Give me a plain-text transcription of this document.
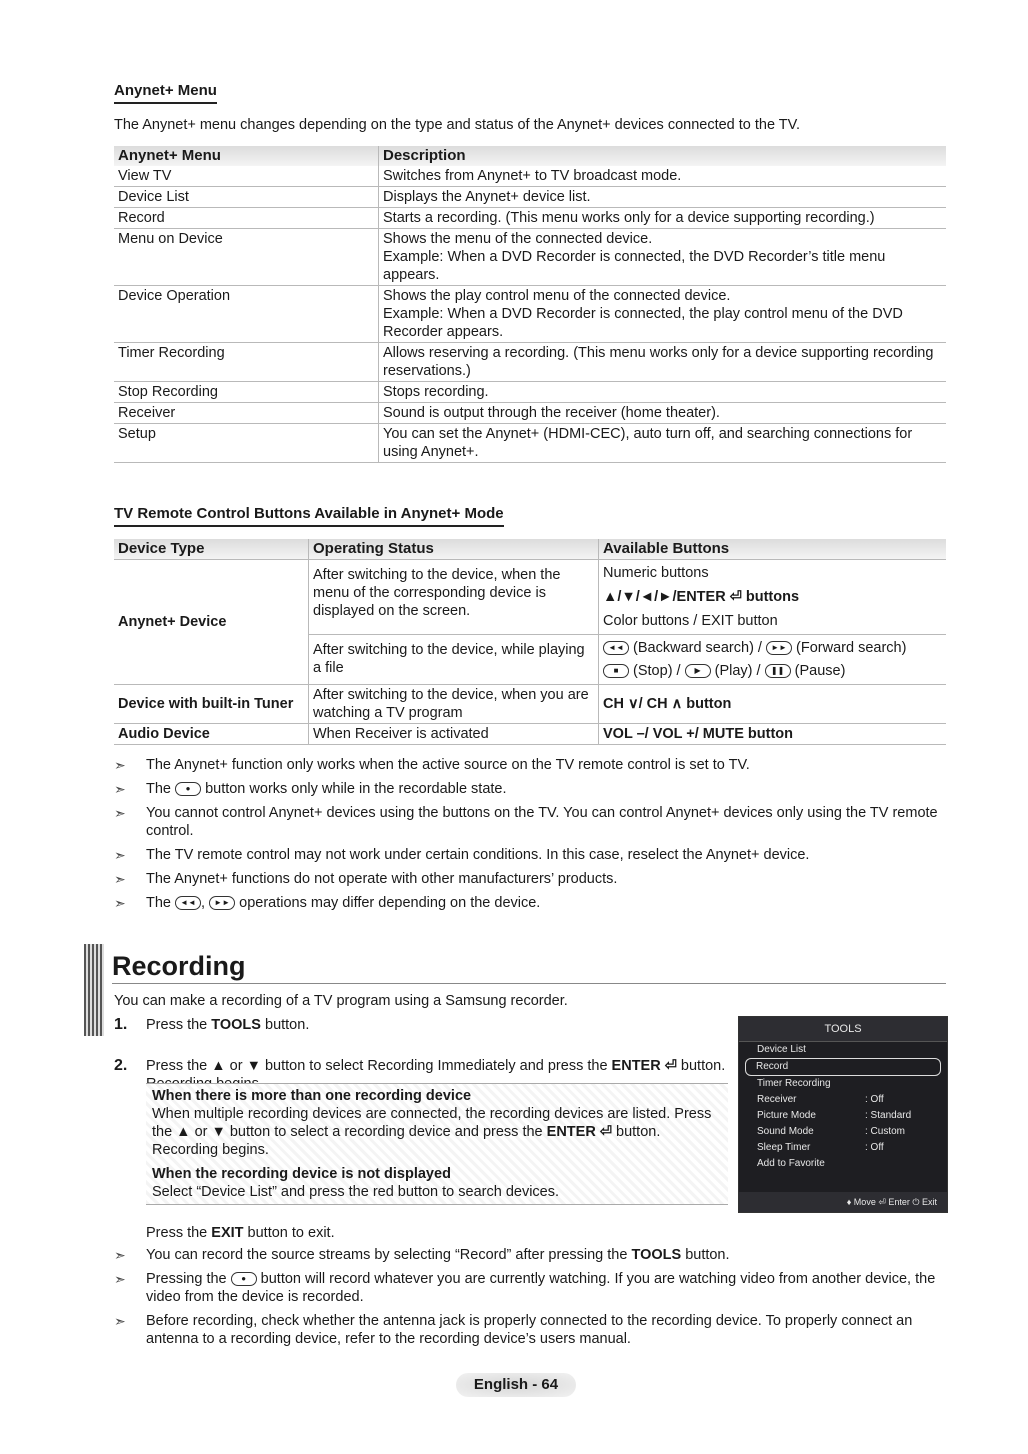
Anynet+ Menu
The Anynet+ menu changes depending on the type and status of the Anynet+ devices connected to the TV.
Anynet+ Menu	Description
View TV	Switches from Anynet+ to TV broadcast mode.
Device List	Displays the Anynet+ device list.
Record	Starts a recording. (This menu works only for a device supporting recording.)
Menu on Device	Shows the menu of the connected device.
Example: When a DVD Recorder is connected, the DVD Recorder’s title menu appears.
Device Operation	Shows the play control menu of the connected device.
Example: When a DVD Recorder is connected, the play control menu of the DVD Recorder appears.
Timer Recording	Allows reserving a recording. (This menu works only for a device supporting recording reservations.)
Stop Recording	Stops recording.
Receiver	Sound is output through the receiver (home theater).
Setup	You can set the Anynet+ (HDMI-CEC), auto turn off, and searching connections for using Anynet+.
TV Remote Control Buttons Available in Anynet+ Mode
Device Type	Operating Status	Available Buttons
Anynet+ Device	After switching to the device, when the menu of the corresponding device is displayed on the screen.	Numeric buttons
▲/▼/◄/►/ENTER ⏎ buttons
Color buttons / EXIT button

	After switching to the device, while playing a file	◄◄ (Backward search) / ►► (Forward search)
■ (Stop) / ▶ (Play) / ❚❚ (Pause)

Device with built-in Tuner	After switching to the device, when you are watching a TV program	CH ∨/ CH ∧ button
Audio Device	When Receiver is activated	VOL –/ VOL +/ MUTE button
➣ The Anynet+ function only works when the active source on the TV remote control is set to TV.
➣ The ● button works only while in the recordable state.
➣ You cannot control Anynet+ devices using the buttons on the TV. You can control Anynet+ devices only using the TV remote control.
➣ The TV remote control may not work under certain conditions. In this case, reselect the Anynet+ device.
➣ The Anynet+ functions do not operate with other manufacturers’ products.
➣ The ◄◄ , ►► operations may differ depending on the device.
Recording
You can make a recording of a TV program using a Samsung recorder.
1. Press the TOOLS button.
2. Press the ▲ or ▼ button to select Recording Immediately and press the ENTER ⏎ button.
When there is more than one recording device
When multiple recording devices are connected, the recording devices are listed. Press the ▲ or ▼ button to select a recording device and press the ENTER ⏎ button. Recording begins.
When the recording device is not displayed
Select “Device List” and press the red button to search devices.
Press the EXIT button to exit.
➣ You can record the source streams by selecting “Record” after pressing the TOOLS button.
➣ Pressing the ● button will record whatever you are currently watching. If you are watching video from another device, the video from the device is recorded.
➣ Before recording, check whether the antenna jack is properly connected to the recording device. To properly connect an antenna to a recording device, refer to the recording device’s users manual.
TOOLS
Device List
Record
Timer Recording
Receiver	: Off
Picture Mode	: Standard
Sound Mode	: Custom
Sleep Timer	: Off
Add to Favorite
♦ Move ⏎ Enter ⏻ Exit
English - 64
